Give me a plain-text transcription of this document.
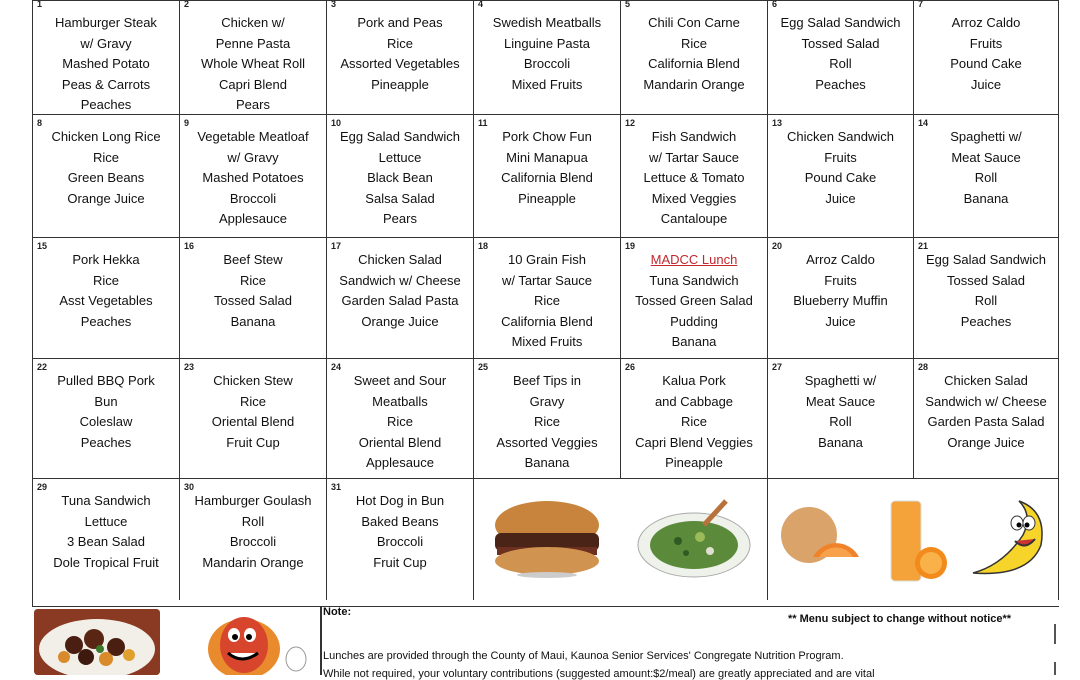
1
Hamburger Steak
w/ Gravy
Mashed Potato
Peas & Carrots
Peaches
2
Chicken w/
Penne Pasta
Whole Wheat Roll
Capri Blend
Pears
3
Pork and Peas
Rice
Assorted Vegetables
Pineapple
4
Swedish Meatballs
Linguine Pasta
Broccoli
Mixed Fruits
5
Chili Con Carne
Rice
California Blend
Mandarin Orange
6
Egg Salad Sandwich
Tossed Salad
Roll
Peaches
7
Arroz Caldo
Fruits
Pound Cake
Juice
8
Chicken Long Rice
Rice
Green Beans
Orange Juice
9
Vegetable Meatloaf
w/ Gravy
Mashed Potatoes
Broccoli
Applesauce
10
Egg Salad Sandwich
Lettuce
Black Bean
Salsa Salad
Pears
11
Pork Chow Fun
Mini Manapua
California Blend
Pineapple
12
Fish Sandwich
w/ Tartar Sauce
Lettuce & Tomato
Mixed Veggies
Cantaloupe
13
Chicken Sandwich
Fruits
Pound Cake
Juice
14
Spaghetti w/
Meat Sauce
Roll
Banana
15
Pork Hekka
Rice
Asst Vegetables
Peaches
16
Beef Stew
Rice
Tossed Salad
Banana
17
Chicken Salad
Sandwich w/ Cheese
Garden Salad Pasta
Orange Juice
18
10 Grain Fish
w/ Tartar Sauce
Rice
California Blend
Mixed Fruits
19
MADCC Lunch
Tuna Sandwich
Tossed Green Salad
Pudding
Banana
20
Arroz Caldo
Fruits
Blueberry Muffin
Juice
21
Egg Salad Sandwich
Tossed Salad
Roll
Peaches
22
Pulled BBQ Pork
Bun
Coleslaw
Peaches
23
Chicken Stew
Rice
Oriental Blend
Fruit Cup
24
Sweet and Sour
Meatballs
Rice
Oriental Blend
Applesauce
25
Beef Tips in
Gravy
Rice
Assorted Veggies
Banana
26
Kalua Pork
and Cabbage
Rice
Capri Blend Veggies
Pineapple
27
Spaghetti w/
Meat Sauce
Roll
Banana
28
Chicken Salad
Sandwich w/ Cheese
Garden Pasta Salad
Orange Juice
29
Tuna Sandwich
Lettuce
3 Bean Salad
Dole Tropical Fruit
30
Hamburger Goulash
Roll
Broccoli
Mandarin Orange
31
Hot Dog in Bun
Baked Beans
Broccoli
Fruit Cup
Note:
** Menu subject to change without notice**
Lunches are provided through the County of Maui, Kaunoa Senior Services' Congregate Nutrition Program.
While not required, your voluntary contributions (suggested amount:$2/meal) are greatly appreciated and are vital
